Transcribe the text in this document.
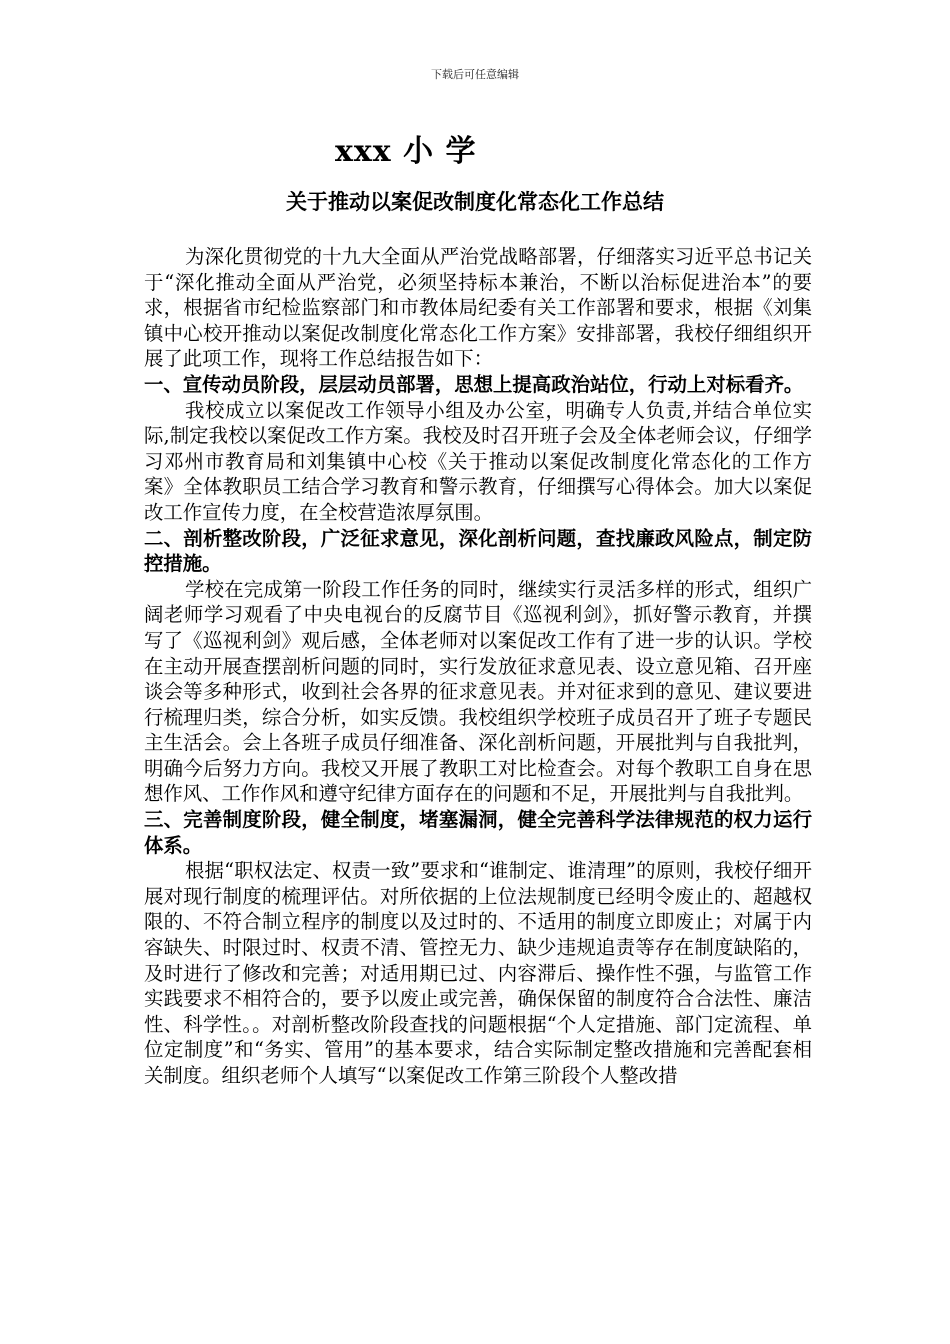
下载后可任意编辑
xxx 小 学
关于推动以案促改制度化常态化工作总结

为深化贯彻党的十九大全面从严治党战略部署，仔细落实习近平总书记关于“深化推动全面从严治党，必须坚持标本兼治，不断以治标促进治本”的要求，根据省市纪检监察部门和市教体局纪委有关工作部署和要求，根据《刘集镇中心校开推动以案促改制度化常态化工作方案》安排部署，我校仔细组织开展了此项工作，现将工作总结报告如下：

一、宣传动员阶段，层层动员部署，思想上提高政治站位，行动上对标看齐。

我校成立以案促改工作领导小组及办公室，明确专人负责,并结合单位实际,制定我校以案促改工作方案。我校及时召开班子会及全体老师会议，仔细学习邓州市教育局和刘集镇中心校《关于推动以案促改制度化常态化的工作方案》全体教职员工结合学习教育和警示教育，仔细撰写心得体会。加大以案促改工作宣传力度，在全校营造浓厚氛围。

二、剖析整改阶段，广泛征求意见，深化剖析问题，查找廉政风险点，制定防控措施。

学校在完成第一阶段工作任务的同时，继续实行灵活多样的形式，组织广阔老师学习观看了中央电视台的反腐节目《巡视利剑》，抓好警示教育，并撰写了《巡视利剑》观后感，全体老师对以案促改工作有了进一步的认识。学校在主动开展查摆剖析问题的同时，实行发放征求意见表、设立意见箱、召开座谈会等多种形式，收到社会各界的征求意见表。并对征求到的意见、建议要进行梳理归类，综合分析，如实反馈。我校组织学校班子成员召开了班子专题民主生活会。会上各班子成员仔细准备、深化剖析问题，开展批判与自我批判，明确今后努力方向。我校又开展了教职工对比检查会。对每个教职工自身在思想作风、工作作风和遵守纪律方面存在的问题和不足，开展批判与自我批判。

三、完善制度阶段，健全制度，堵塞漏洞，健全完善科学法律规范的权力运行体系。

根据“职权法定、权责一致”要求和“谁制定、谁清理”的原则，我校仔细开展对现行制度的梳理评估。对所依据的上位法规制度已经明令废止的、超越权限的、不符合制立程序的制度以及过时的、不适用的制度立即废止；对属于内容缺失、时限过时、权责不清、管控无力、缺少违规追责等存在制度缺陷的，及时进行了修改和完善；对适用期已过、内容滞后、操作性不强，与监管工作实践要求不相符合的，要予以废止或完善，确保保留的制度符合合法性、廉洁性、科学性。。对剖析整改阶段查找的问题根据“个人定措施、部门定流程、单位定制度”和“务实、管用”的基本要求，结合实际制定整改措施和完善配套相关制度。组织老师个人填写“以案促改工作第三阶段个人整改措
